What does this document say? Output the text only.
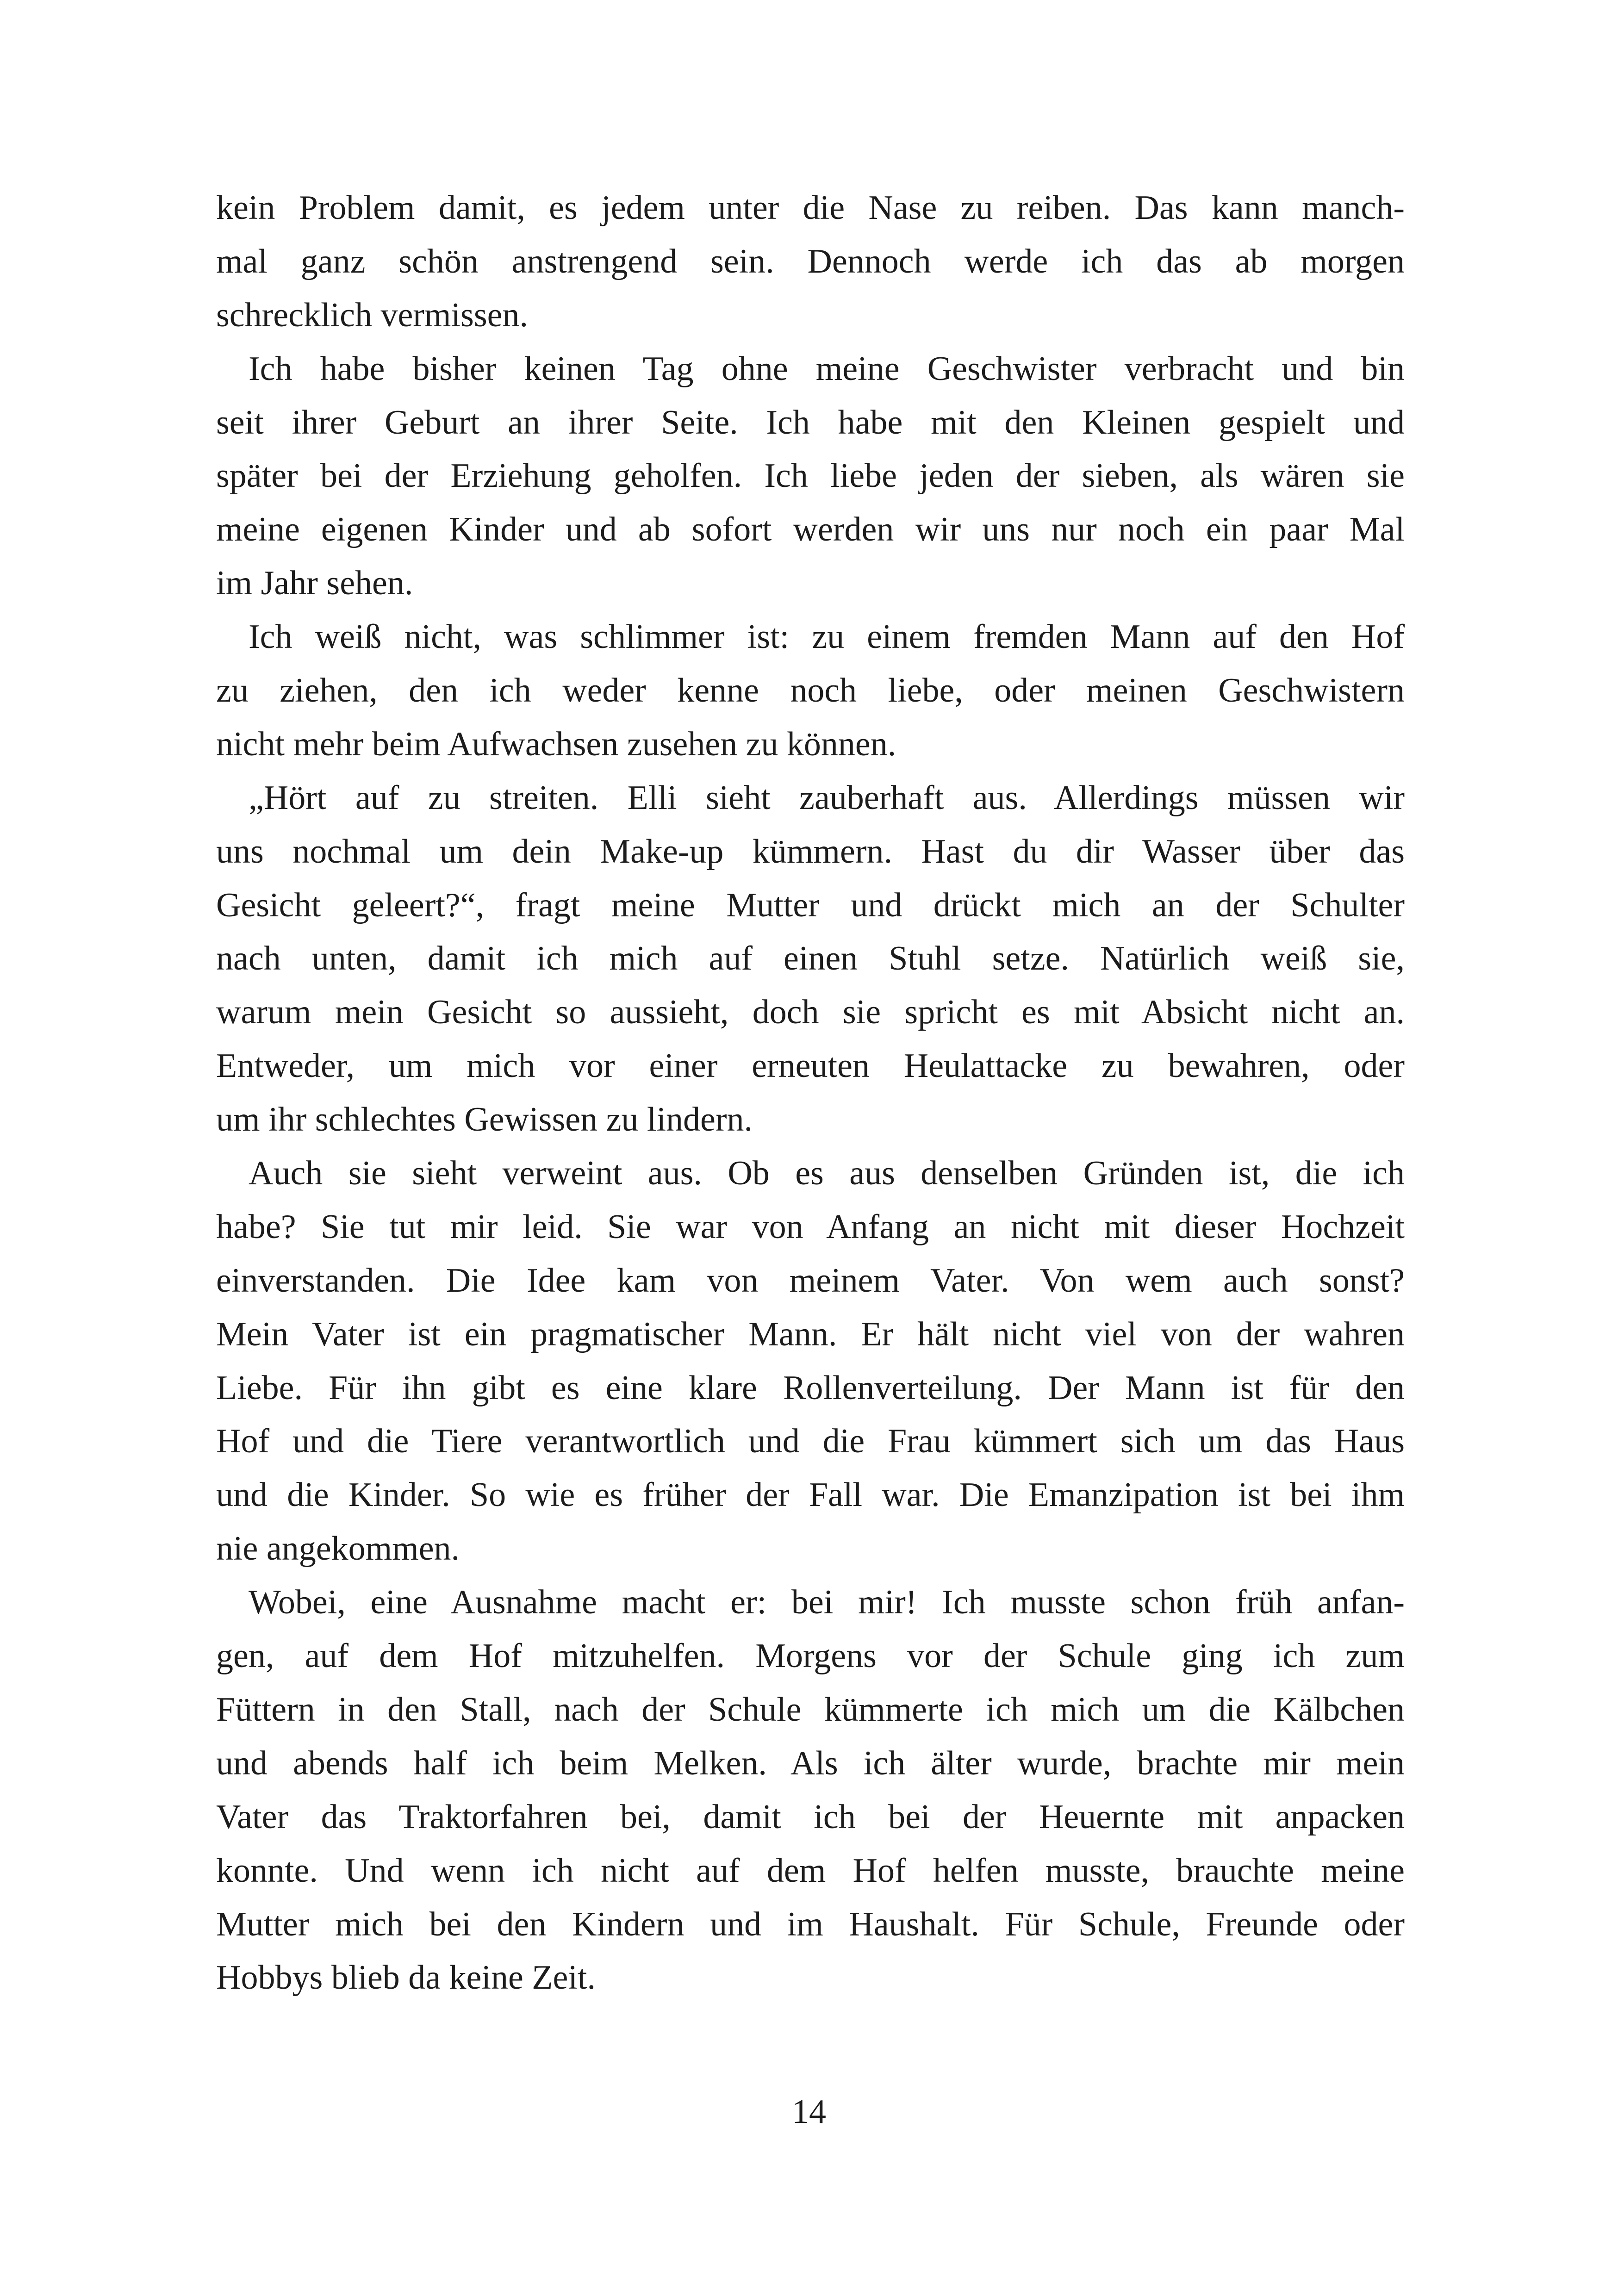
kein Problem damit, es jedem unter die Nase zu reiben. Das kann manch-
mal ganz schön anstrengend sein. Dennoch werde ich das ab morgen
schrecklich vermissen.
Ich habe bisher keinen Tag ohne meine Geschwister verbracht und bin
seit ihrer Geburt an ihrer Seite. Ich habe mit den Kleinen gespielt und
später bei der Erziehung geholfen. Ich liebe jeden der sieben, als wären sie
meine eigenen Kinder und ab sofort werden wir uns nur noch ein paar Mal
im Jahr sehen.
Ich weiß nicht, was schlimmer ist: zu einem fremden Mann auf den Hof
zu ziehen, den ich weder kenne noch liebe, oder meinen Geschwistern
nicht mehr beim Aufwachsen zusehen zu können.
„Hört auf zu streiten. Elli sieht zauberhaft aus. Allerdings müssen wir
uns nochmal um dein Make-up kümmern. Hast du dir Wasser über das
Gesicht geleert?“, fragt meine Mutter und drückt mich an der Schulter
nach unten, damit ich mich auf einen Stuhl setze. Natürlich weiß sie,
warum mein Gesicht so aussieht, doch sie spricht es mit Absicht nicht an.
Entweder, um mich vor einer erneuten Heulattacke zu bewahren, oder
um ihr schlechtes Gewissen zu lindern.
Auch sie sieht verweint aus. Ob es aus denselben Gründen ist, die ich
habe? Sie tut mir leid. Sie war von Anfang an nicht mit dieser Hochzeit
einverstanden. Die Idee kam von meinem Vater. Von wem auch sonst?
Mein Vater ist ein pragmatischer Mann. Er hält nicht viel von der wahren
Liebe. Für ihn gibt es eine klare Rollenverteilung. Der Mann ist für den
Hof und die Tiere verantwortlich und die Frau kümmert sich um das Haus
und die Kinder. So wie es früher der Fall war. Die Emanzipation ist bei ihm
nie angekommen.
Wobei, eine Ausnahme macht er: bei mir! Ich musste schon früh anfan-
gen, auf dem Hof mitzuhelfen. Morgens vor der Schule ging ich zum
Füttern in den Stall, nach der Schule kümmerte ich mich um die Kälbchen
und abends half ich beim Melken. Als ich älter wurde, brachte mir mein
Vater das Traktorfahren bei, damit ich bei der Heuernte mit anpacken
konnte. Und wenn ich nicht auf dem Hof helfen musste, brauchte meine
Mutter mich bei den Kindern und im Haushalt. Für Schule, Freunde oder
Hobbys blieb da keine Zeit.
14
